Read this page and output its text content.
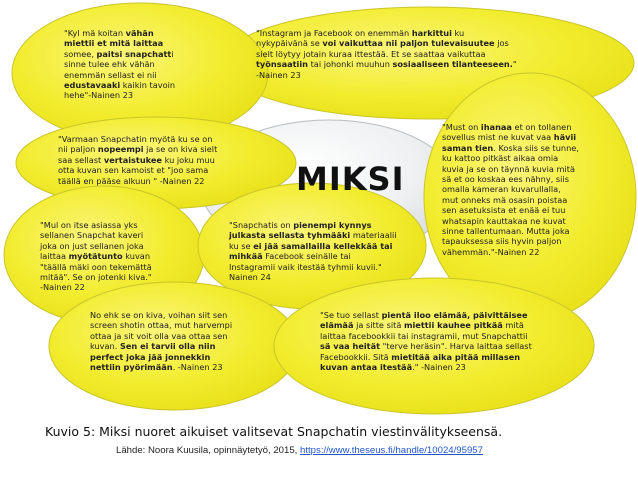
MIKSI
"Kyl mä koitan vähän
miettii et mitä laittaa
somee, paitsi snapchatti
sinne tulee ehk vähän
enemmän sellast ei nii
edustavaaki kaikin tavoin
hehe"-Nainen 23
"Instagram ja Facebook on enemmän harkittui ku
nykypäivänä se voi vaikuttaa nii paljon tulevaisuutee jos
sielt löytyy jotain kuraa ittestää. Et se saattaa vaikuttaa
työnsaatiin tai johonki muuhun sosiaaliseen tilanteeseen."
-Nainen 23
"Varmaan Snapchatin myötä ku se on
nii paljon nopeempi ja se on kiva sielt
saa sellast vertaistukee ku joku muu
otta kuvan sen kamoist et "joo sama
täällä en pääse alkuun " -Nainen 22
"Must on ihanaa et on tollanen
sovellus mist ne kuvat vaa hävii
saman tien. Koska siis se tunne,
ku kattoo pitkäst aikaa omia
kuvia ja se on täynnä kuvia mitä
sä et oo koskaa ees nähny, siis
omalla kameran kuvarullalla,
mut onneks mä osasin poistaa
sen asetuksista et enää ei tuu
whatsapin kauttakaa ne kuvat
sinne tallentumaan. Mutta joka
tapauksessa siis hyvin paljon
vähemmän."-Nainen 22
"Mul on itse asiassa yks
sellanen Snapchat kaveri
joka on just sellanen joka
laittaa myötätunto kuvan
"täällä mäki oon tekemättä
mitää". Se on jotenki kiva."
-Nainen 22
"Snapchatis on pienempi kynnys
julkasta sellasta tyhmääki materiaalii
ku se ei jää samallailla kellekkää tai
mihkää Facebook seinälle tai
Instagramii vaik itestää tyhmii kuvii."
Nainen 24
No ehk se on kiva, voihan siit sen
screen shotin ottaa, mut harvempi
ottaa ja sit voit olla vaa ottaa sen
kuvan. Sen ei tarvii olla niin
perfect joka jää jonnekkin
nettiin pyörimään. -Nainen 23
"Se tuo sellast pientä iloo elämää, päivittäisee
elämää ja sitte sitä miettii kauhee pitkää mitä
laittaa facebookkii tai instagramii, mut Snapchattii
sä vaa heität "terve heräsin". Harva laittaa sellast
Facebookkii. Sitä mietitää aika pitää millasen
kuvan antaa itestää." -Nainen 23
Kuvio 5: Miksi nuoret aikuiset valitsevat Snapchatin viestinvälitykseensä.
Lähde: Noora Kuusila, opinnäytetyö, 2015, https://www.theseus.fi/handle/10024/95957
